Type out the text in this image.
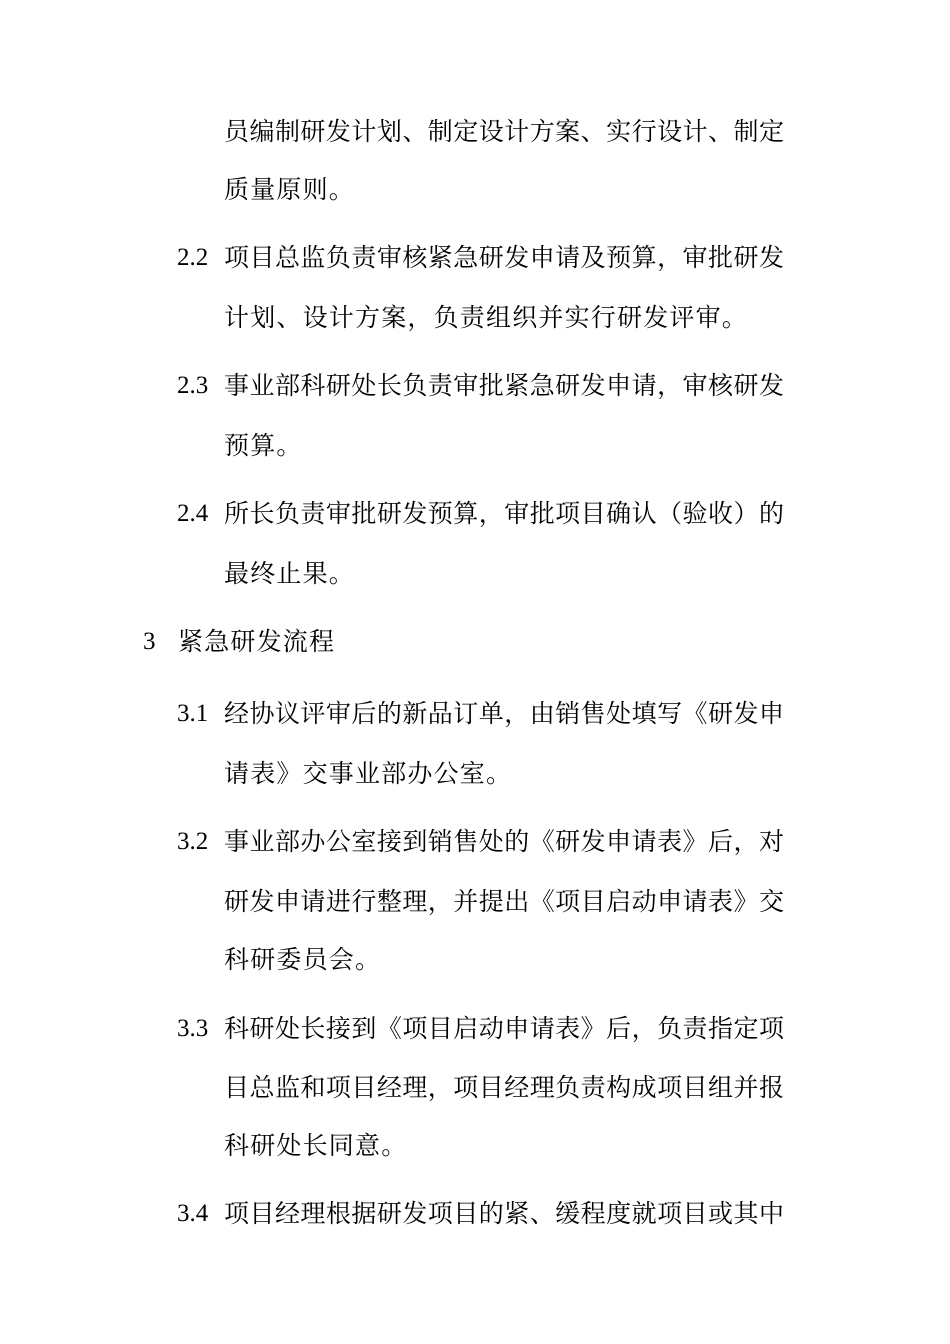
员编制研发计划、制定设计方案、实行设计、制定
质量原则。
2.2 项目总监负责审核紧急研发申请及预算，审批研发
计划、设计方案，负责组织并实行研发评审。
2.3 事业部科研处长负责审批紧急研发申请，审核研发
预算。
2.4 所长负责审批研发预算，审批项目确认（验收）的
最终止果。
3 紧急研发流程
3.1 经协议评审后的新品订单，由销售处填写《研发申
请表》交事业部办公室。
3.2 事业部办公室接到销售处的《研发申请表》后，对
研发申请进行整理，并提出《项目启动申请表》交
科研委员会。
3.3 科研处长接到《项目启动申请表》后，负责指定项
目总监和项目经理，项目经理负责构成项目组并报
科研处长同意。
3.4 项目经理根据研发项目的紧、缓程度就项目或其中
